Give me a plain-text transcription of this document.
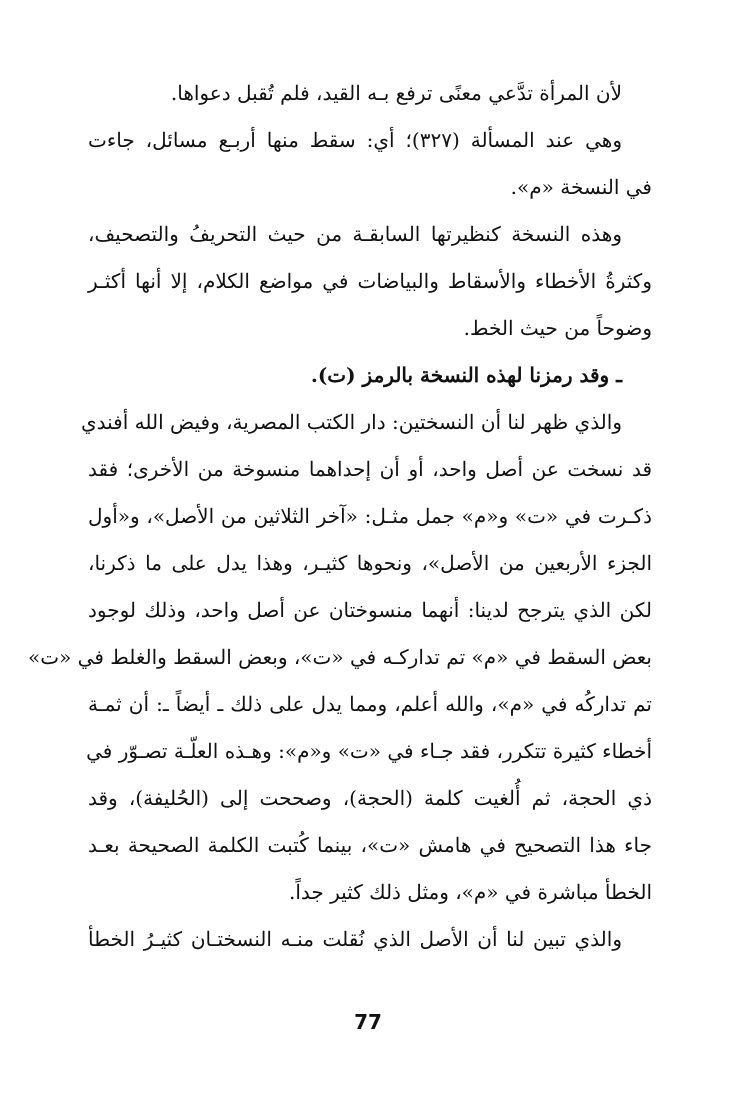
لأن المرأة تدَّعي معنًى ترفع بـه القيد، فلم تُقبل دعواها.
وهي عند المسألة (٣٢٧)؛ أي: سقط منها أربـع مسائل، جاءت
في النسخة «م».
وهذه النسخة كنظيرتها السابقـة من حيث التحريفُ والتصحيف،
وكثرةُ الأخطاء والأسقاط والبياضات في مواضع الكلام، إلا أنها أكثـر
وضوحاً من حيث الخط.
ـ وقد رمزنا لهذه النسخة بالرمز (ت).
والذي ظهر لنا أن النسختين: دار الكتب المصرية، وفيض الله أفندي
قد نسخت عن أصل واحد، أو أن إحداهما منسوخة من الأخرى؛ فقد
ذكـرت في «ت» و«م» جمل مثـل: «آخر الثلاثين من الأصل»، و«أول
الجزء الأربعين من الأصل»، ونحوها كثيـر، وهذا يدل على ما ذكرنا،
لكن الذي يترجح لدينا: أنهما منسوختان عن أصل واحد، وذلك لوجود
بعض السقط في «م» تم تداركـه في «ت»، وبعض السقط والغلط في «ت»
تم تداركُه في «م»، والله أعلم، ومما يدل على ذلك ـ أيضاً ـ: أن ثمـة
أخطاء كثيرة تتكرر، فقد جـاء في «ت» و«م»: وهـذه العلّـة تصـوّر في
ذي الحجة، ثم أُلغيت كلمة (الحجة)، وصححت إلى (الحُليفة)، وقد
جاء هذا التصحيح في هامش «ت»، بينما كُتبت الكلمة الصحيحة بعـد
الخطأ مباشرة في «م»، ومثل ذلك كثير جداً.
والذي تبين لنا أن الأصل الذي نُقلت منـه النسختـان كثيـرُ الخطأ
77
